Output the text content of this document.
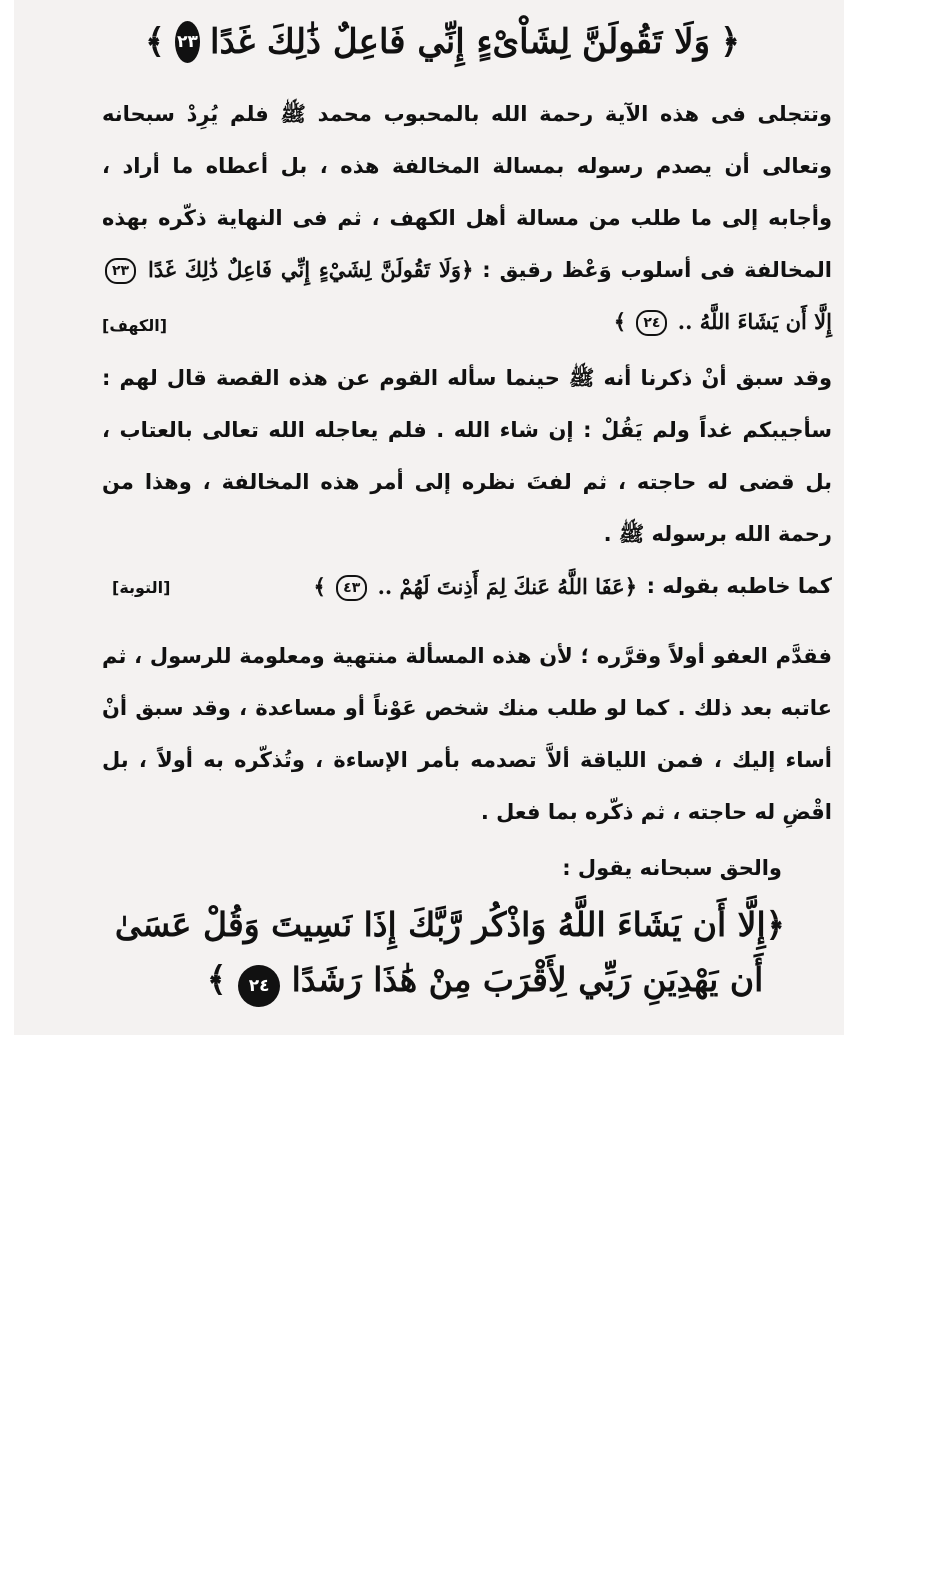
﴿
وَلَا تَقُولَنَّ لِشَاْىْءٍ إِنِّي فَاعِلٌ ذَٰلِكَ غَدًا
٢٣
﴾

وتتجلى فى هذه الآية رحمة الله بالمحبوب محمد ﷺ فلم يُرِدْ سبحانه وتعالى أن يصدم رسوله بمسالة المخالفة هذه ، بل أعطاه ما أراد ، وأجابه إلى ما طلب من مسالة أهل الكهف ، ثم فى النهاية ذكّره بهذه المخالفة فى أسلوب وَعْظ رقيق : ﴿وَلَا تَقُولَنَّ لِشَيْءٍ إِنِّي فَاعِلٌ ذَٰلِكَ غَدًا ٢٣ إِلَّا أَن يَشَاءَ اللَّهُ .. ٢٤ ﴾
[الكهف]

وقد سبق أنْ ذكرنا أنه ﷺ حينما سأله القوم عن هذه القصة قال لهم : سأجيبكم غداً ولم يَقُلْ : إن شاء الله . فلم يعاجله الله تعالى بالعتاب ، بل قضى له حاجته ، ثم لفتَ نظره إلى أمر هذه المخالفة ، وهذا من رحمة الله برسوله ﷺ .

كما خاطبه بقوله :
﴿عَفَا اللَّهُ عَنكَ لِمَ أَذِنتَ لَهُمْ .. ٤٣ ﴾
[التوبة]

فقدَّم العفو أولاً وقرَّره ؛ لأن هذه المسألة منتهية ومعلومة للرسول ، ثم عاتبه بعد ذلك . كما لو طلب منك شخص عَوْناً أو مساعدة ، وقد سبق أنْ أساء إليك ، فمن اللياقة ألاَّ تصدمه بأمر الإساءة ، وتُذكّره به أولاً ، بل اقْضِ له حاجته ، ثم ذكّره بما فعل .

والحق سبحانه يقول :

﴿إِلَّا أَن يَشَاءَ اللَّهُ وَاذْكُر رَّبَّكَ إِذَا نَسِيتَ وَقُلْ عَسَىٰ
أَن يَهْدِيَنِ رَبِّي لِأَقْرَبَ مِنْ هَٰذَا رَشَدًا ٢٤ ﴾
